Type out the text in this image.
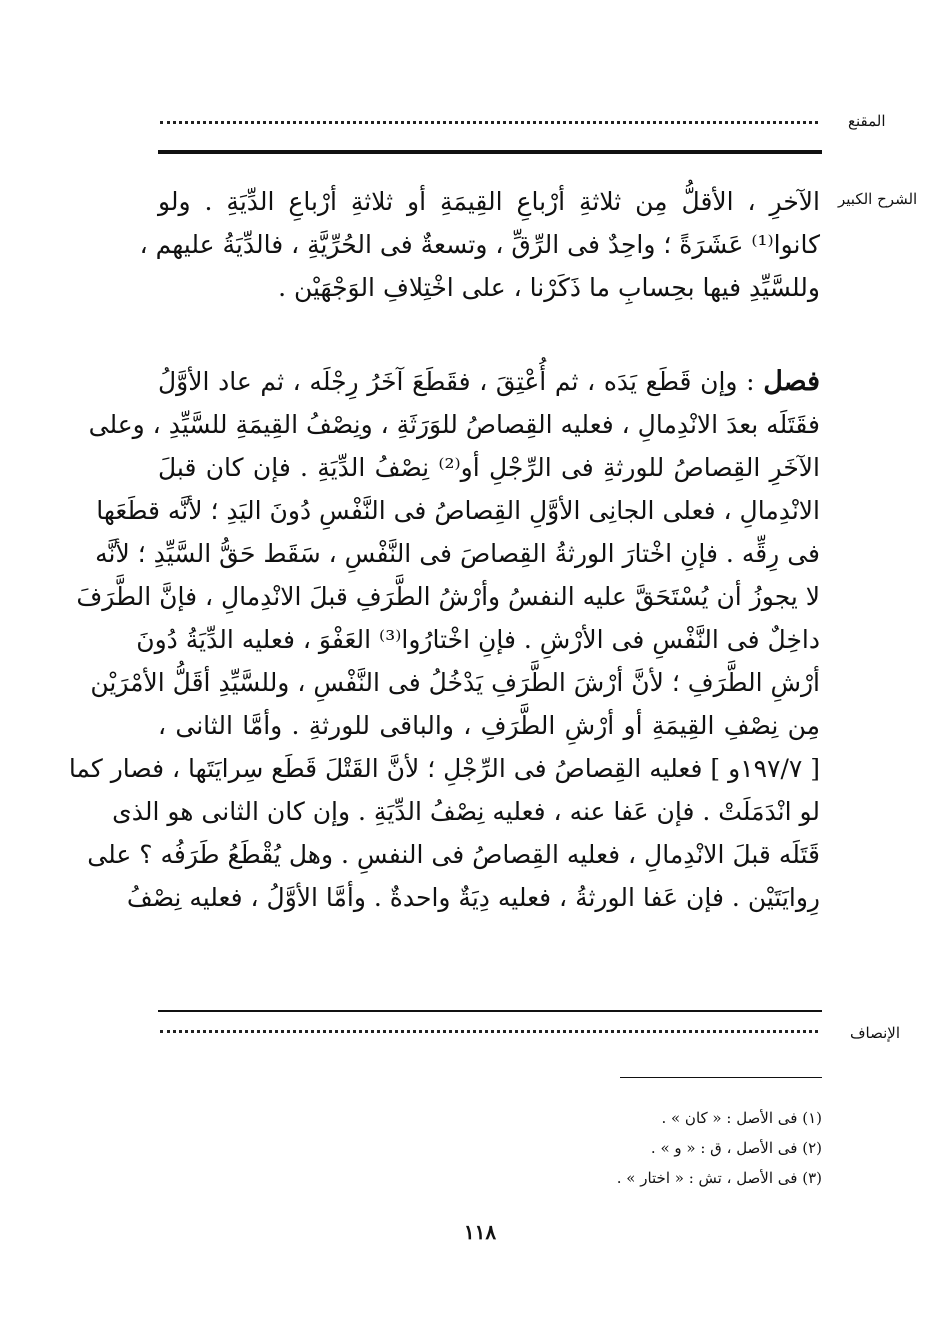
المقنع
الشرح الكبير
الآخرِ ، الأقلُّ مِن ثلاثةِ أرْباعِ القِيمَةِ أو ثلاثةِ أرْباعِ الدِّيَةِ . ولو
كانوا⁽¹⁾ عَشَرَةً ؛ واحِدٌ فى الرِّقِّ ، وتسعةٌ فى الحُرِّيَّةِ ، فالدِّيَةُ عليهم ،
وللسَّيِّدِ فيها بحِسابِ ما ذَكَرْنا ، على اخْتِلافِ الوَجْهَيْن .
فصل : وإن قَطَع يَدَه ، ثم أُعْتِقَ ، فقَطَعَ آخَرُ رِجْلَه ، ثم عاد الأوَّلُ
فقَتَلَه بعدَ الانْدِمالِ ، فعليه القِصاصُ للوَرَثَةِ ، ونِصْفُ القِيمَةِ للسَّيِّدِ ، وعلى
الآخَرِ القِصاصُ للورثةِ فى الرِّجْلِ أو⁽²⁾ نِصْفُ الدِّيَةِ . فإن كان قبلَ
الانْدِمالِ ، فعلى الجانِى الأوَّلِ القِصاصُ فى النَّفْسِ دُونَ اليَدِ ؛ لأنَّه قطَعَها
فى رِقِّه . فإنِ اخْتارَ الورثةُ القِصاصَ فى النَّفْسِ ، سَقَط حَقُّ السَّيِّدِ ؛ لأنَّه
لا يجوزُ أن يُسْتَحَقَّ عليه النفسُ وأرْشُ الطَّرَفِ قبلَ الانْدِمالِ ، فإنَّ الطَّرَفَ
داخِلٌ فى النَّفْسِ فى الأرْشِ . فإنِ اخْتارُوا⁽³⁾ العَفْوَ ، فعليه الدِّيَةُ دُونَ
أرْشِ الطَّرَفِ ؛ لأنَّ أرْشَ الطَّرَفِ يَدْخُلُ فى النَّفْسِ ، وللسَّيِّدِ أقَلُّ الأمْرَيْن
مِن نِصْفِ القِيمَةِ أو أرْشِ الطَّرَفِ ، والباقى للورثةِ . وأمَّا الثانى ،
[ ١٩٧/٧و ] فعليه القِصاصُ فى الرِّجْلِ ؛ لأنَّ القَتْلَ قَطَع سِرايَتَها ، فصار كما
لو انْدَمَلَتْ . فإن عَفا عنه ، فعليه نِصْفُ الدِّيَةِ . وإن كان الثانى هو الذى
قَتَلَه قبلَ الانْدِمالِ ، فعليه القِصاصُ فى النفسِ . وهل يُقْطَعُ طَرَفُه ؟ على
رِوايَتَيْن . فإن عَفا الورثةُ ، فعليه دِيَةٌ واحدةٌ . وأمَّا الأوَّلُ ، فعليه نِصْفُ
الإنصاف
(١) فى الأصل : « كان » .
(٢) فى الأصل ، ق : « و » .
(٣) فى الأصل ، تش : « اختار » .
١١٨
